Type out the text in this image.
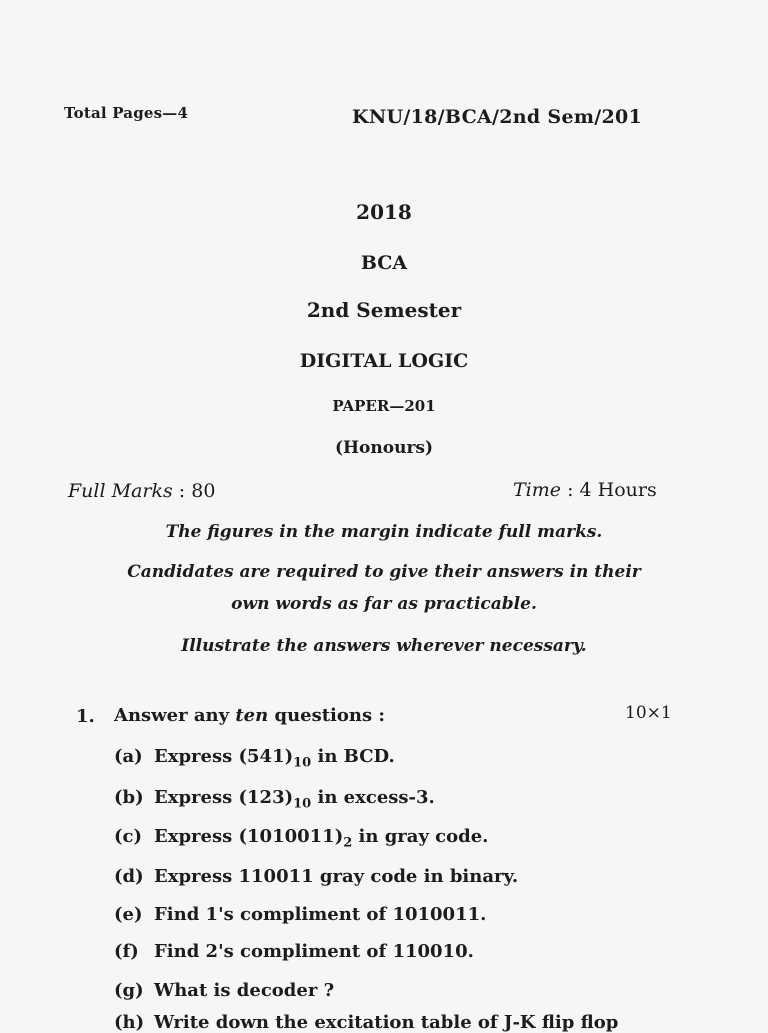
Total Pages—4	KNU/18/BCA/2nd Sem/201
2018
BCA
2nd Semester
DIGITAL LOGIC
PAPER—201
(Honours)
Full Marks : 80	Time : 4 Hours
The figures in the margin indicate full marks.
Candidates are required to give their answers in their
own words as far as practicable.
Illustrate the answers wherever necessary.
1. Answer any ten questions :	10×1
(a) Express $(541)_{10}$ in BCD.
(b) Express $(123)_{10}$ in excess-3.
(c) Express $(1010011)_2$ in gray code.
(d) Express 110011 gray code in binary.
(e) Find 1's compliment of 1010011.
(f) Find 2's compliment of 110010.
(g) What is decoder ?
(h) Write down the excitation table of J-K flip flop
